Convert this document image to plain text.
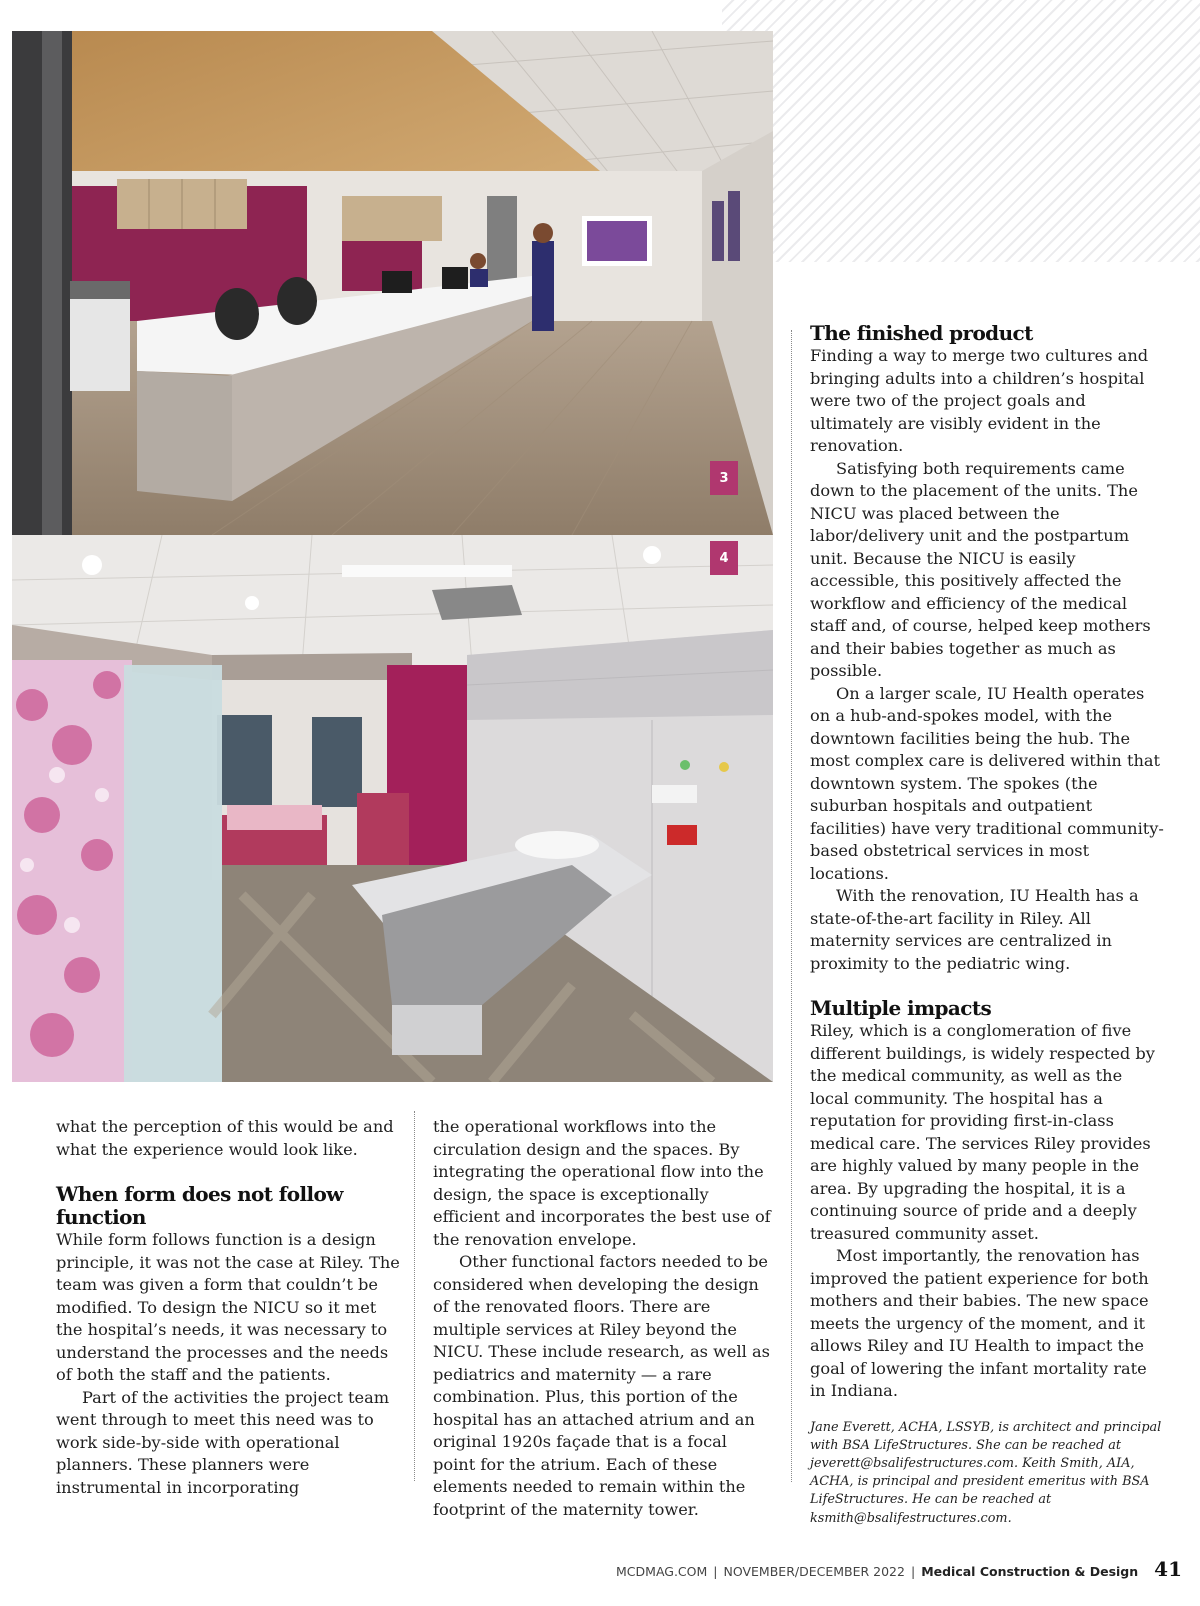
3
4

what the perception of this would be and what the experience would look like.

When form does not follow function

While form follows function is a design principle, it was not the case at Riley. The team was given a form that couldn’t be modified. To design the NICU so it met the hospital’s needs, it was necessary to understand the processes and the needs of both the staff and the patients.

Part of the activities the project team went through to meet this need was to work side-by-side with operational planners. These planners were instrumental in incorporating

the operational workflows into the circulation design and the spaces. By integrating the operational flow into the design, the space is exceptionally efficient and incorporates the best use of the renovation envelope.

Other functional factors needed to be considered when developing the design of the renovated floors. There are multiple services at Riley beyond the NICU. These include research, as well as pediatrics and maternity — a rare combination. Plus, this portion of the hospital has an attached atrium and an original 1920s façade that is a focal point for the atrium. Each of these elements needed to remain within the footprint of the maternity tower.

The finished product

Finding a way to merge two cultures and bringing adults into a children’s hospital were two of the project goals and ultimately are visibly evident in the renovation.

Satisfying both requirements came down to the placement of the units. The NICU was placed between the labor/delivery unit and the postpartum unit. Because the NICU is easily accessible, this positively affected the workflow and efficiency of the medical staff and, of course, helped keep mothers and their babies together as much as possible.

On a larger scale, IU Health operates on a hub-and-spokes model, with the downtown facilities being the hub. The most complex care is delivered within that downtown system. The spokes (the suburban hospitals and outpatient facilities) have very traditional community-based obstetrical services in most locations.

With the renovation, IU Health has a state-of-the-art facility in Riley. All maternity services are centralized in proximity to the pediatric wing.

Multiple impacts

Riley, which is a conglomeration of five different buildings, is widely respected by the medical community, as well as the local community. The hospital has a reputation for providing first-in-class medical care. The services Riley provides are highly valued by many people in the area. By upgrading the hospital, it is a continuing source of pride and a deeply treasured community asset.

Most importantly, the renovation has improved the patient experience for both mothers and their babies. The new space meets the urgency of the moment, and it allows Riley and IU Health to impact the goal of lowering the infant mortality rate in Indiana.

Jane Everett, ACHA, LSSYB, is architect and principal with BSA LifeStructures. She can be reached at jeverett@bsalifestructures.com. Keith Smith, AIA, ACHA, is principal and president emeritus with BSA LifeStructures. He can be reached at ksmith@bsalifestructures.com.

MCDMAG.COM | NOVEMBER/DECEMBER 2022 | Medical Construction & Design 41
